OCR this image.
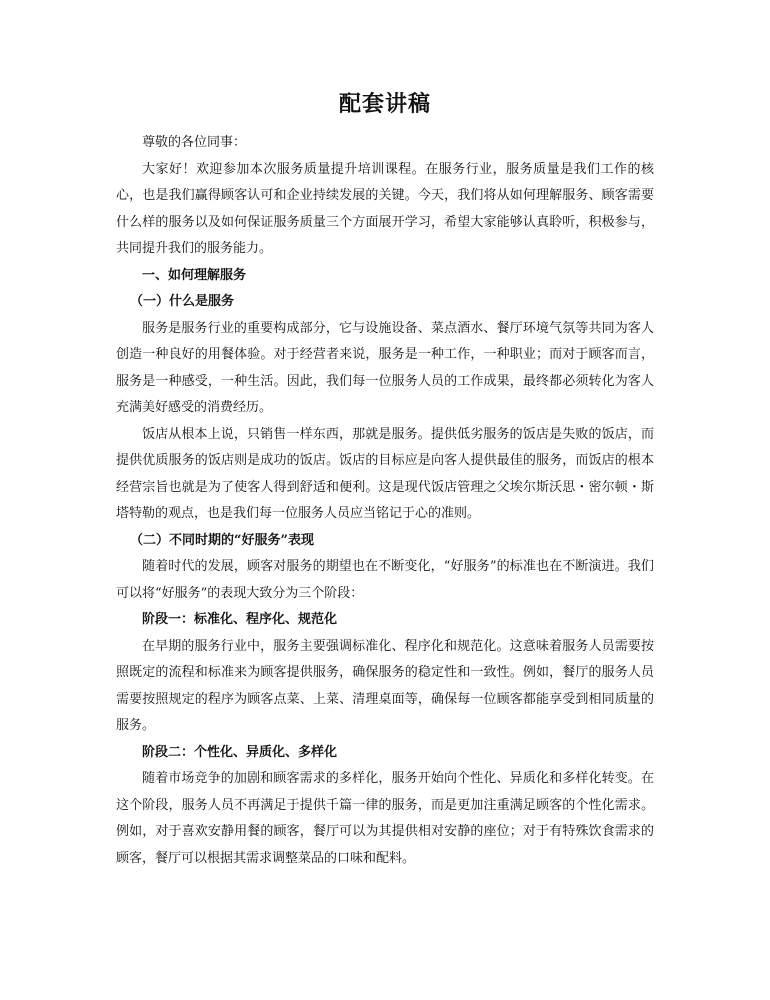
配套讲稿

尊敬的各位同事：

大家好！欢迎参加本次服务质量提升培训课程。在服务行业，服务质量是我们工作的核心，也是我们赢得顾客认可和企业持续发展的关键。今天，我们将从如何理解服务、顾客需要什么样的服务以及如何保证服务质量三个方面展开学习，希望大家能够认真聆听，积极参与，共同提升我们的服务能力。

一、如何理解服务

（一）什么是服务

服务是服务行业的重要构成部分，它与设施设备、菜点酒水、餐厅环境气氛等共同为客人创造一种良好的用餐体验。对于经营者来说，服务是一种工作，一种职业；而对于顾客而言，服务是一种感受，一种生活。因此，我们每一位服务人员的工作成果，最终都必须转化为客人充满美好感受的消费经历。

饭店从根本上说，只销售一样东西，那就是服务。提供低劣服务的饭店是失败的饭店，而提供优质服务的饭店则是成功的饭店。饭店的目标应是向客人提供最佳的服务，而饭店的根本经营宗旨也就是为了使客人得到舒适和便利。这是现代饭店管理之父埃尔斯沃思・密尔顿・斯塔特勒的观点，也是我们每一位服务人员应当铭记于心的准则。

（二）不同时期的“好服务”表现

随着时代的发展，顾客对服务的期望也在不断变化，“好服务”的标准也在不断演进。我们可以将“好服务”的表现大致分为三个阶段：

阶段一：标准化、程序化、规范化

在早期的服务行业中，服务主要强调标准化、程序化和规范化。这意味着服务人员需要按照既定的流程和标准来为顾客提供服务，确保服务的稳定性和一致性。例如，餐厅的服务人员需要按照规定的程序为顾客点菜、上菜、清理桌面等，确保每一位顾客都能享受到相同质量的服务。

阶段二：个性化、异质化、多样化

随着市场竞争的加剧和顾客需求的多样化，服务开始向个性化、异质化和多样化转变。在这个阶段，服务人员不再满足于提供千篇一律的服务，而是更加注重满足顾客的个性化需求。例如，对于喜欢安静用餐的顾客，餐厅可以为其提供相对安静的座位；对于有特殊饮食需求的顾客，餐厅可以根据其需求调整菜品的口味和配料。
